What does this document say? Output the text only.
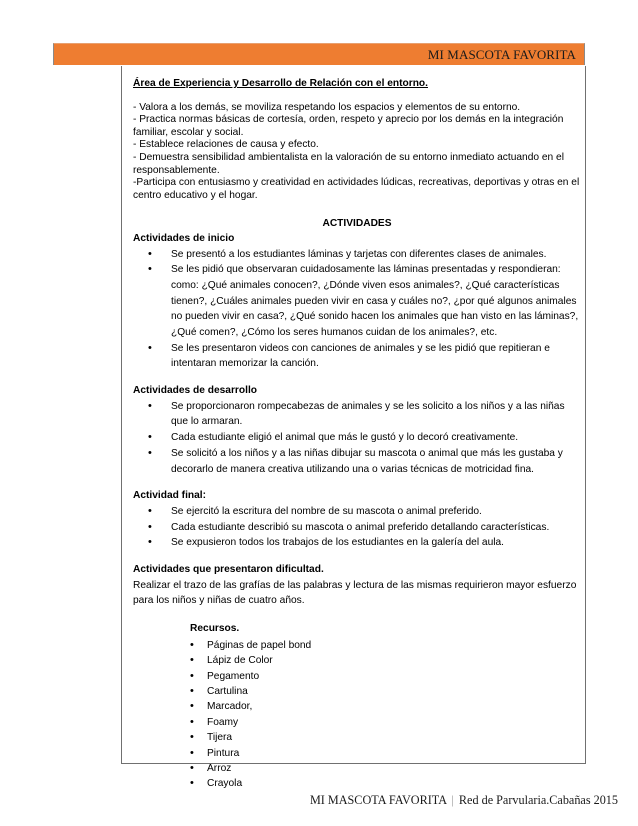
MI MASCOTA FAVORITA

Área de Experiencia y Desarrollo de Relación con el entorno.

- Valora a los demás, se moviliza respetando los espacios y elementos de su entorno.

- Practica normas básicas de cortesía, orden, respeto y aprecio por los demás en la integración familiar, escolar y social.

- Establece relaciones de causa y efecto.

- Demuestra sensibilidad ambientalista en la valoración de su entorno inmediato actuando en el responsablemente.

-Participa con entusiasmo y creatividad en actividades lúdicas, recreativas, deportivas y otras en el centro educativo y el hogar.

ACTIVIDADES

Actividades de inicio

• Se presentó a los estudiantes láminas y tarjetas con diferentes clases de animales.
• Se les pidió que observaran cuidadosamente las láminas presentadas y respondieran: como: ¿Qué animales conocen?, ¿Dónde viven esos animales?, ¿Qué características tienen?, ¿Cuáles animales pueden vivir en casa y cuáles no?, ¿por qué algunos animales no pueden vivir en casa?, ¿Qué sonido hacen los animales que han visto en las láminas?, ¿Qué comen?, ¿Cómo los seres humanos cuidan de los animales?, etc.
• Se les presentaron videos con canciones de animales y se les pidió que repitieran e intentaran memorizar la canción.

Actividades de desarrollo

• Se proporcionaron rompecabezas de animales y se les solicito a los niños y a las niñas que lo armaran.
• Cada estudiante eligió el animal que más le gustó y lo decoró creativamente.
• Se solicitó a los niños y a las niñas dibujar su mascota o animal que más les gustaba y decorarlo de manera creativa utilizando una o varias técnicas de motricidad fina.

Actividad final:

• Se ejercitó la escritura del nombre de su mascota o animal preferido.
• Cada estudiante describió su mascota o animal preferido detallando características.
• Se expusieron todos los trabajos de los estudiantes en la galería del aula.

Actividades que presentaron dificultad.

Realizar el trazo de las grafías de las palabras y lectura de las mismas requirieron mayor esfuerzo para los niños y niñas de cuatro años.

Recursos.

• Páginas de papel bond
• Lápiz de Color
• Pegamento
• Cartulina
• Marcador,
• Foamy
• Tijera
• Pintura
• Arroz
• Crayola
MI MASCOTA FAVORITA | Red de Parvularia.Cabañas 2015
